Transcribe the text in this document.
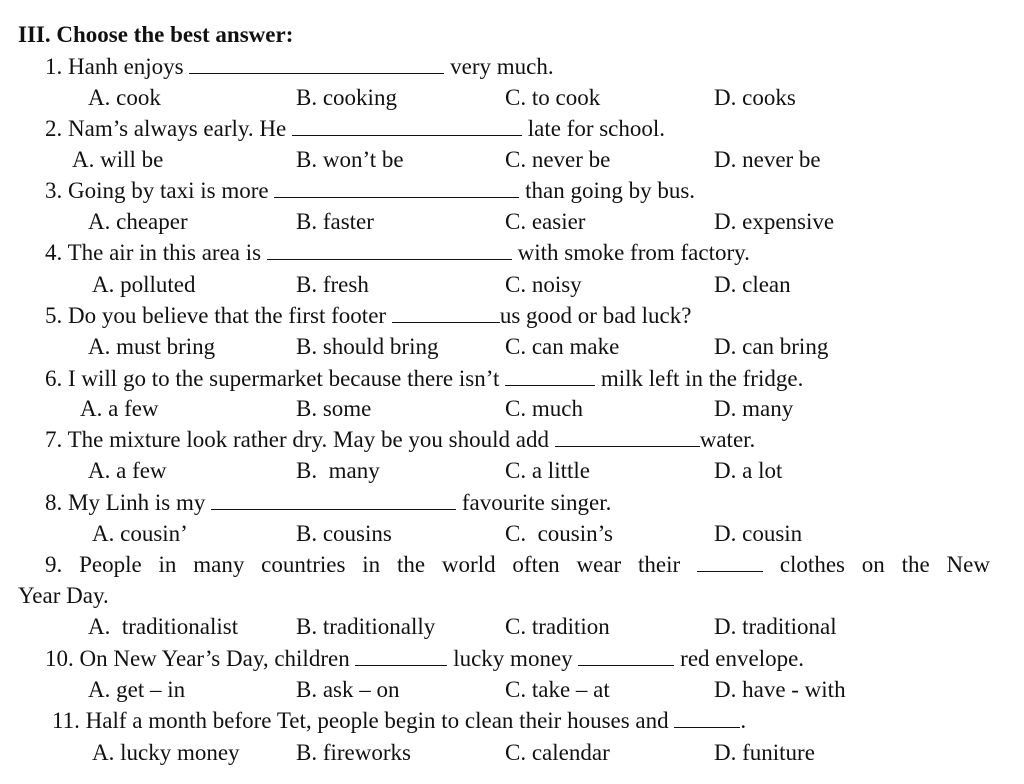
III. Choose the best answer:
1. Hanh enjoys	very much.
A. cook	B. cooking	C. to cook	D. cooks
2. Nam’s always early. He	late for school.
A. will be	B. won’t be	C. never be	D. never be
3. Going by taxi is more	than going by bus.
A. cheaper	B. faster	C. easier	D. expensive
4. The air in this area is	with smoke from factory.
A. polluted	B. fresh	C. noisy	D. clean
5. Do you believe that the first footer	us good or bad luck?
A. must bring	B. should bring	C. can make	D. can bring
6. I will go to the supermarket because there isn’t	milk left in the fridge.
A. a few	B. some	C. much	D. many
7. The mixture look rather dry. May be you should add	water.
A. a few	B.  many	C. a little	D. a lot
8. My Linh is my	favourite singer.
A. cousin’	B. cousins	C.  cousin’s	D. cousin
9. People in many countries in the world often wear their	clothes on the New
Year Day.
A.  traditionalist	B. traditionally	C. tradition	D. traditional
10. On New Year’s Day, children	lucky money	red envelope.
A. get – in	B. ask – on	C. take – at	D. have - with
11. Half a month before Tet, people begin to clean their houses and	.
A. lucky money B. fireworks	C. calendar	D. funiture
